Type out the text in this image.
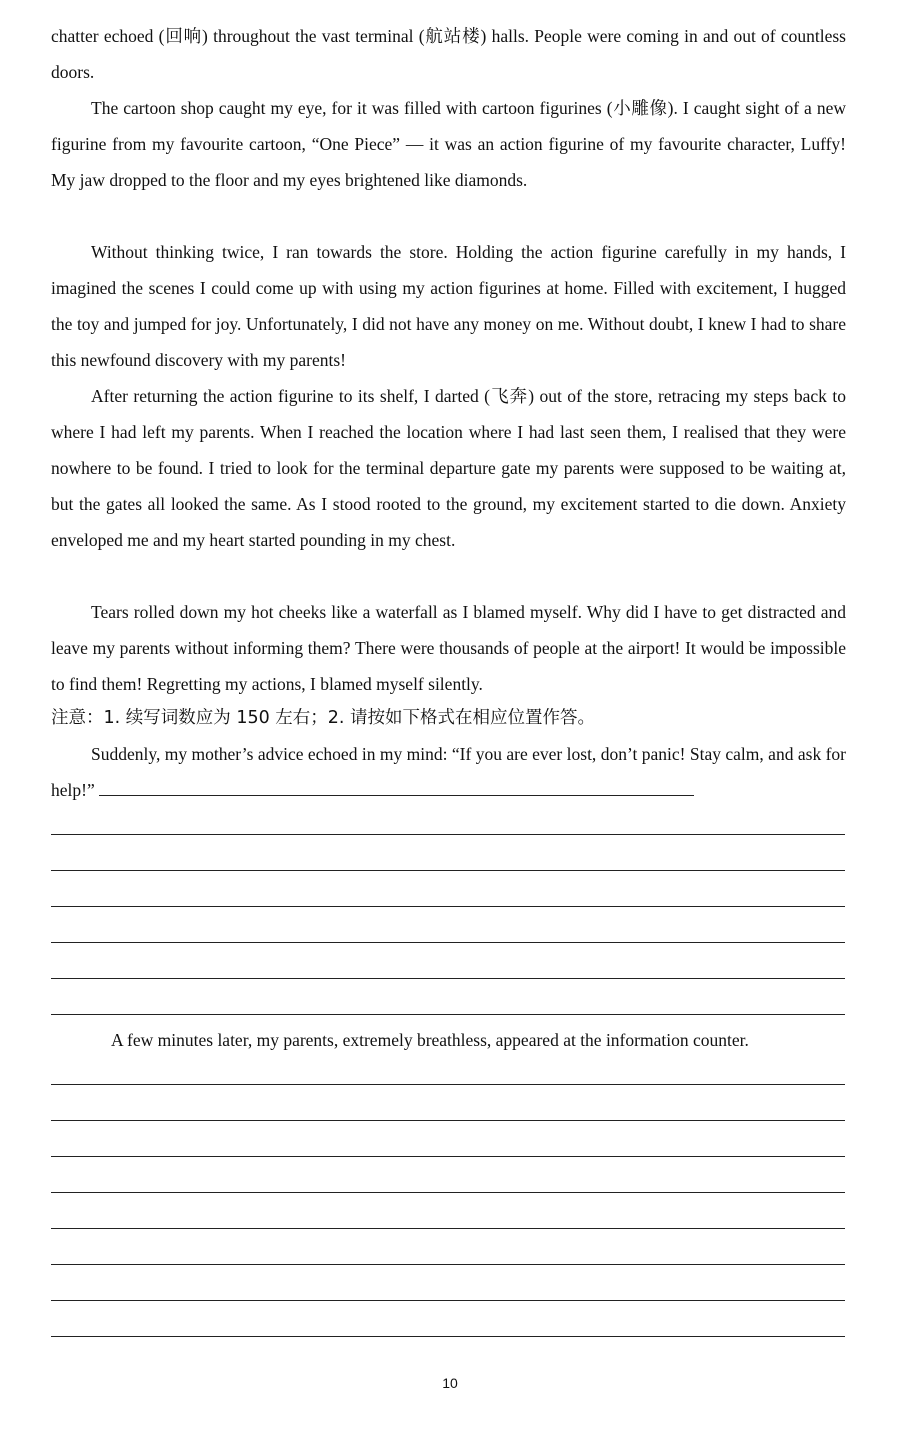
chatter echoed (回响) throughout the vast terminal (航站楼) halls. People were coming in and out of countless doors.

The cartoon shop caught my eye, for it was filled with cartoon figurines (小雕像). I caught sight of a new figurine from my favourite cartoon, “One Piece” — it was an action figurine of my favourite character, Luffy! My jaw dropped to the floor and my eyes brightened like diamonds.

Without thinking twice, I ran towards the store. Holding the action figurine carefully in my hands, I imagined the scenes I could come up with using my action figurines at home. Filled with excitement, I hugged the toy and jumped for joy. Unfortunately, I did not have any money on me. Without doubt, I knew I had to share this newfound discovery with my parents!

After returning the action figurine to its shelf, I darted (飞奔) out of the store, retracing my steps back to where I had left my parents. When I reached the location where I had last seen them, I realised that they were nowhere to be found. I tried to look for the terminal departure gate my parents were supposed to be waiting at, but the gates all looked the same. As I stood rooted to the ground, my excitement started to die down. Anxiety enveloped me and my heart started pounding in my chest.

Tears rolled down my hot cheeks like a waterfall as I blamed myself. Why did I have to get distracted and leave my parents without informing them? There were thousands of people at the airport! It would be impossible to find them! Regretting my actions, I blamed myself silently.

注意：1. 续写词数应为 150 左右；2. 请按如下格式在相应位置作答。

Suddenly, my mother’s advice echoed in my mind: “If you are ever lost, don’t panic! Stay calm, and ask for help!”

A few minutes later, my parents, extremely breathless, appeared at the information counter.

10
